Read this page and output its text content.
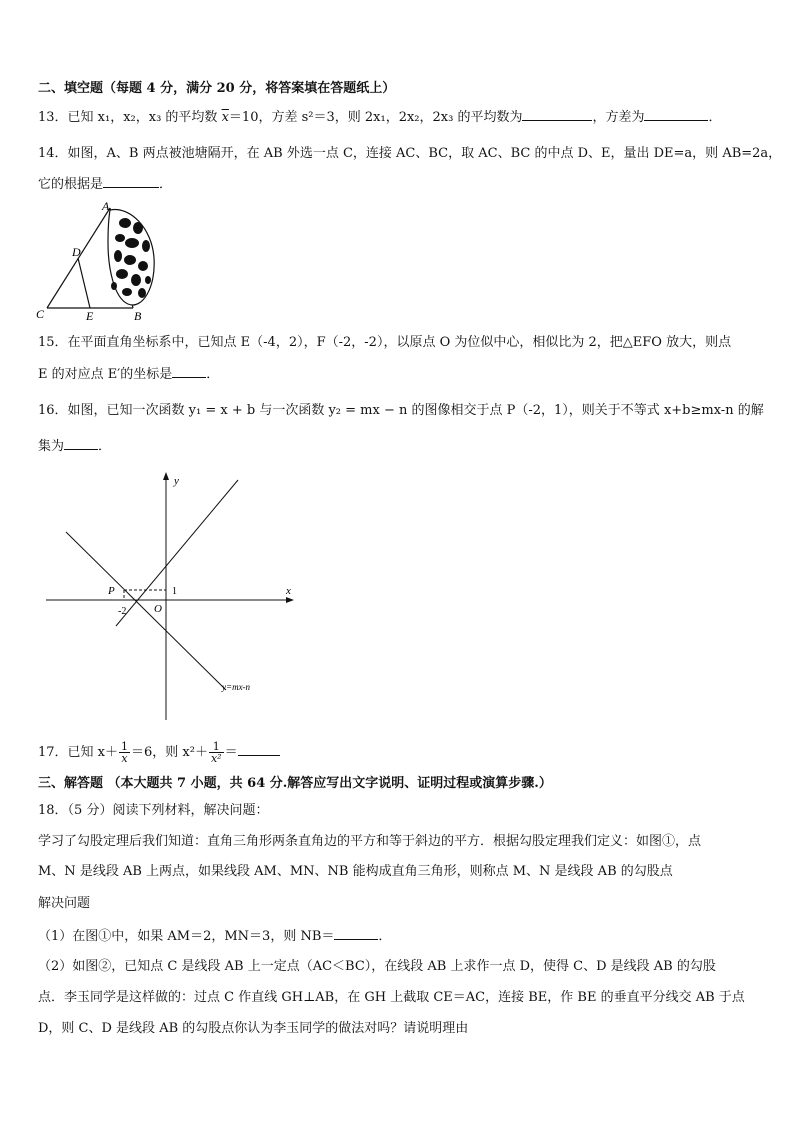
二、填空题（每题 4 分，满分 20 分，将答案填在答题纸上）
13．已知 x₁，x₂，x₃ 的平均数 $\overline{x}=10$，方差 s²＝3，则 2x₁，2x₂，2x₃ 的平均数为	，方差为	．
14．如图，A、B 两点被池塘隔开，在 AB 外选一点 C，连接 AC、BC，取 AC、BC 的中点 D、E，量出 DE=a，则 AB=2a，
它的根据是	．
A
B
C
D
E
15．在平面直角坐标系中，已知点 E（-4，2），F（-2，-2），以原点 O 为位似中心，相似比为 2，把△EFO 放大，则点
E 的对应点 E′的坐标是	．
16．如图，已知一次函数 y₁ = x + b 与一次函数 y₂ = mx − n 的图像相交于点 P（-2，1），则关于不等式 x+b≥mx-n 的解
集为	．
y
x
P
O
-2
1
y=mx-n
17．已知 $x+ \frac{1}{x} =6$，则 $x^2+ \frac{1}{\text{x²}}$ ＝
三、解答题 （本大题共 7 小题，共 64 分.解答应写出文字说明、证明过程或演算步骤.）
18．（5 分）阅读下列材料，解决问题：
学习了勾股定理后我们知道：直角三角形两条直角边的平方和等于斜边的平方．根据勾股定理我们定义：如图①，点
M、N 是线段 AB 上两点，如果线段 AM、MN、NB 能构成直角三角形，则称点 M、N 是线段 AB 的勾股点
解决问题
（1）在图①中，如果 AM＝2，MN＝3，则 NB＝	．
（2）如图②，已知点 C 是线段 AB 上一定点（AC＜BC），在线段 AB 上求作一点 D，使得 C、D 是线段 AB 的勾股
点．李玉同学是这样做的：过点 C 作直线 GH⊥AB，在 GH 上截取 CE＝AC，连接 BE，作 BE 的垂直平分线交 AB 于点
D，则 C、D 是线段 AB 的勾股点你认为李玉同学的做法对吗？请说明理由
